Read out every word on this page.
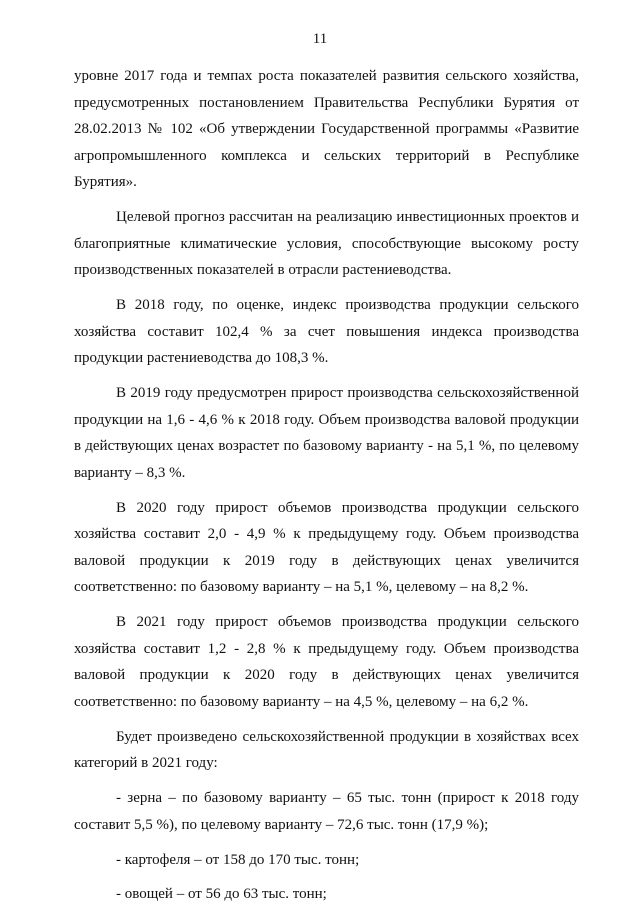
11

уровне 2017 года и темпах роста показателей развития сельского хозяйства, предусмотренных постановлением Правительства Республики Бурятия от 28.02.2013 № 102 «Об утверждении Государственной программы «Развитие агропромышленного комплекса и сельских территорий в Республике Бурятия».

Целевой прогноз рассчитан на реализацию инвестиционных проектов и благоприятные климатические условия, способствующие высокому росту производственных показателей в отрасли растениеводства.

В 2018 году, по оценке, индекс производства продукции сельского хозяйства составит 102,4 % за счет повышения индекса производства продукции растениеводства до 108,3 %.

В 2019 году предусмотрен прирост производства сельскохозяйственной продукции на 1,6 - 4,6 % к 2018 году. Объем производства валовой продукции в действующих ценах возрастет по базовому варианту - на 5,1 %, по целевому варианту – 8,3 %.

В 2020 году прирост объемов производства продукции сельского хозяйства составит 2,0 - 4,9 % к предыдущему году. Объем производства валовой продукции к 2019 году в действующих ценах увеличится соответственно: по базовому варианту – на 5,1 %, целевому – на 8,2 %.

В 2021 году прирост объемов производства продукции сельского хозяйства составит 1,2 - 2,8 % к предыдущему году. Объем производства валовой продукции к 2020 году в действующих ценах увеличится соответственно: по базовому варианту – на 4,5 %, целевому – на 6,2 %.

Будет произведено сельскохозяйственной продукции в хозяйствах всех категорий в 2021 году:

- зерна – по базовому варианту – 65 тыс. тонн (прирост к 2018 году составит 5,5 %), по целевому варианту – 72,6 тыс. тонн (17,9 %);

- картофеля – от 158 до 170 тыс. тонн;

- овощей – от 56 до 63 тыс. тонн;
